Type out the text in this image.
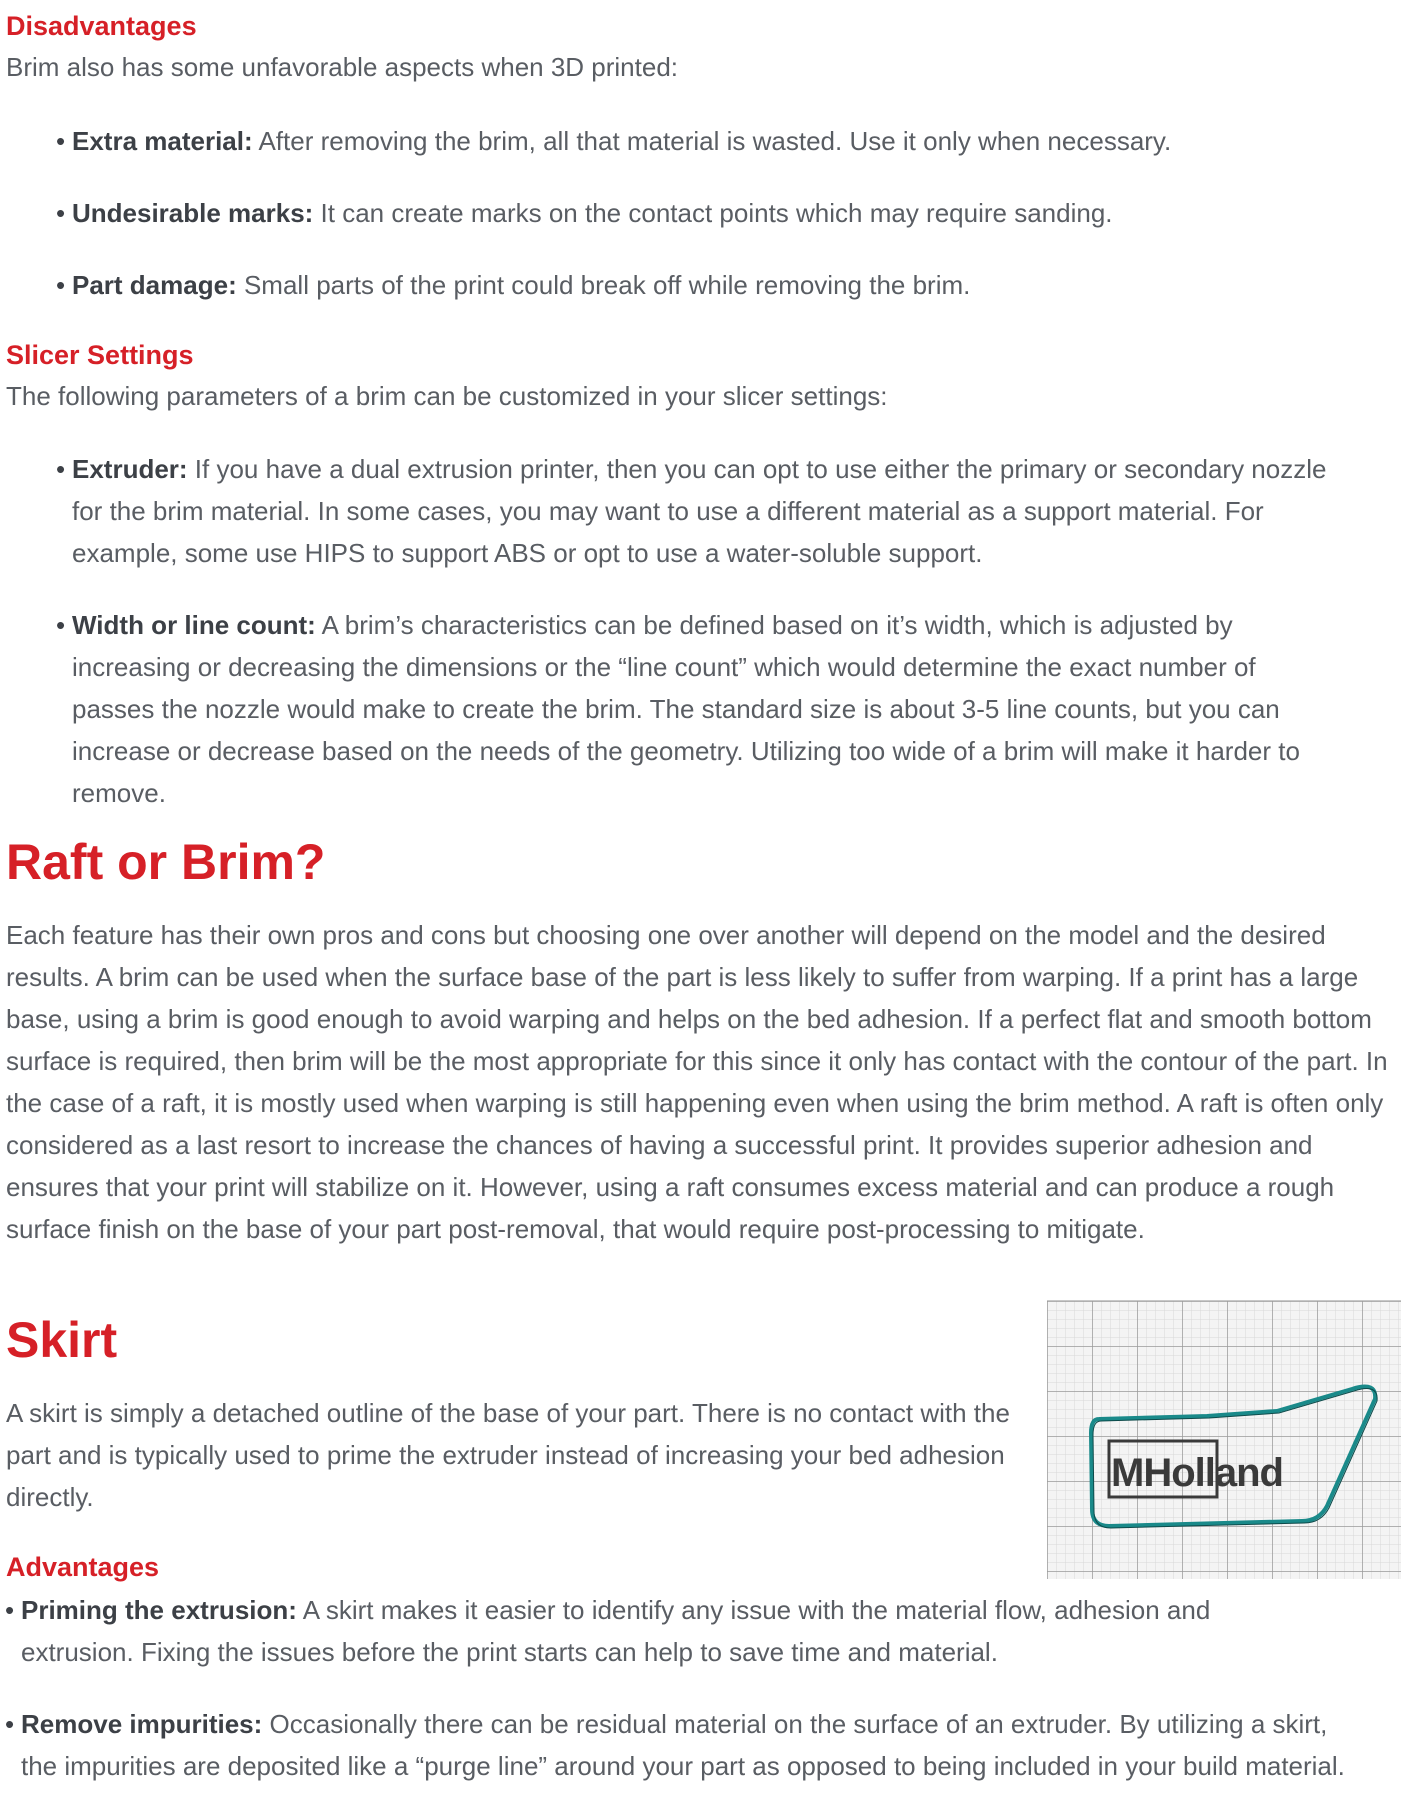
Disadvantages

Brim also has some unfavorable aspects when 3D printed:

• Extra material: After removing the brim, all that material is wasted. Use it only when necessary.
• Undesirable marks: It can create marks on the contact points which may require sanding.
• Part damage: Small parts of the print could break off while removing the brim.
Slicer Settings

The following parameters of a brim can be customized in your slicer settings:

• Extruder: If you have a dual extrusion printer, then you can opt to use either the primary or secondary nozzle for the brim material. In some cases, you may want to use a different material as a support material. For example, some use HIPS to support ABS or opt to use a water-soluble support.
• Width or line count: A brim’s characteristics can be defined based on it’s width, which is adjusted by increasing or decreasing the dimensions or the “line count” which would determine the exact number of passes the nozzle would make to create the brim. The standard size is about 3-5 line counts, but you can increase or decrease based on the needs of the geometry. Utilizing too wide of a brim will make it harder to remove.
Raft or Brim?

Each feature has their own pros and cons but choosing one over another will depend on the model and the desired results. A brim can be used when the surface base of the part is less likely to suffer from warping. If a print has a large base, using a brim is good enough to avoid warping and helps on the bed adhesion. If a perfect flat and smooth bottom surface is required, then brim will be the most appropriate for this since it only has contact with the contour of the part. In the case of a raft, it is mostly used when warping is still happening even when using the brim method. A raft is often only considered as a last resort to increase the chances of having a successful print. It provides superior adhesion and ensures that your print will stabilize on it. However, using a raft consumes excess material and can produce a rough surface finish on the base of your part post-removal, that would require post-processing to mitigate.

Skirt

A skirt is simply a detached outline of the base of your part. There is no contact with the part and is typically used to prime the extruder instead of increasing your bed adhesion directly.

Advantages
• Priming the extrusion: A skirt makes it easier to identify any issue with the material flow, adhesion and extrusion. Fixing the issues before the print starts can help to save time and material.
• Remove impurities: Occasionally there can be residual material on the surface of an extruder. By utilizing a skirt, the impurities are deposited like a “purge line” around your part as opposed to being included in your build material.
MHolland
